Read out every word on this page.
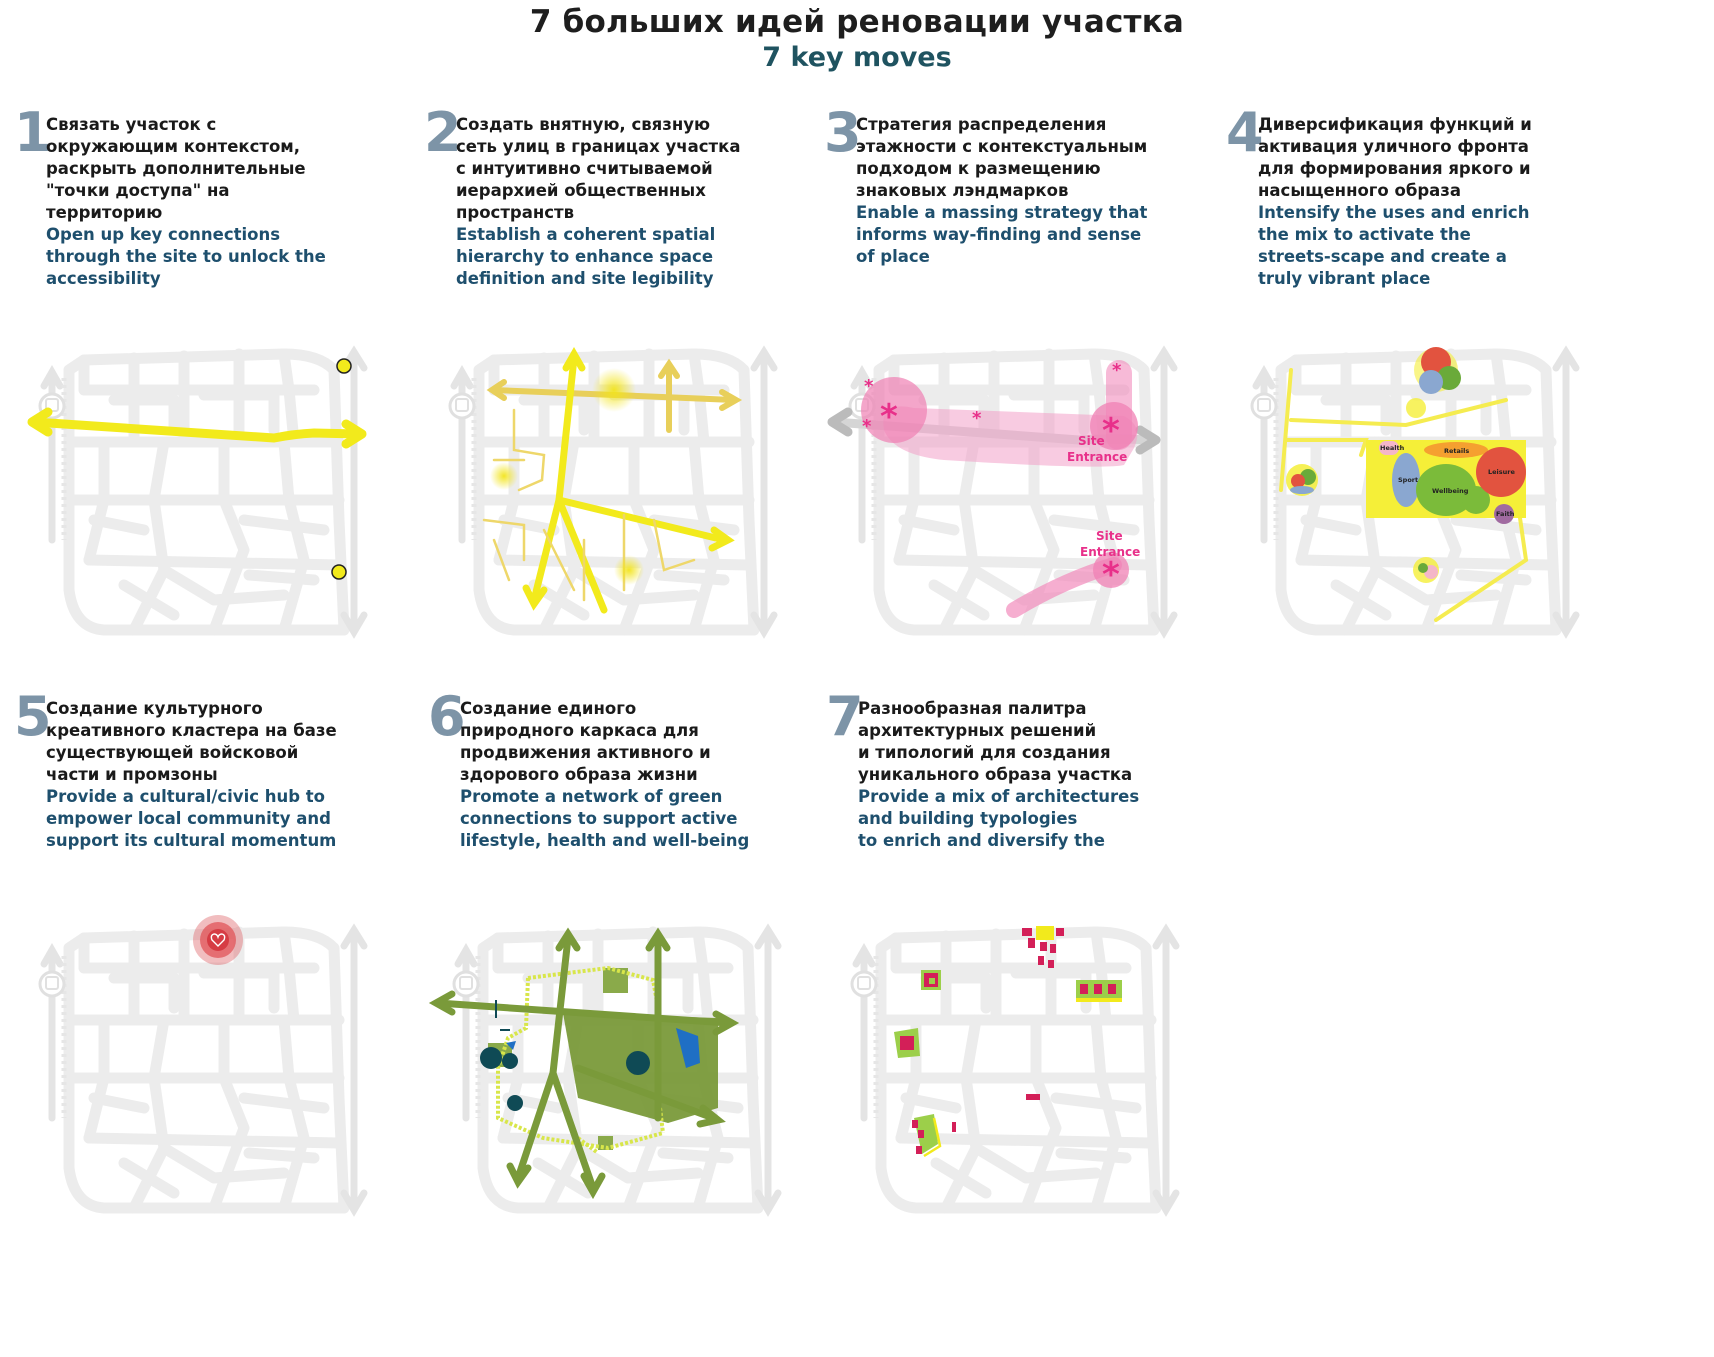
7 больших идей реновации участка
7 key moves
1
Связать участок с
окружающим контекстом,
раскрыть дополнительные
"точки доступа" на
территорию
Open up key connections
through the site to unlock the
accessibility
2
Создать внятную, связную
сеть улиц в границах участка
с интуитивно считываемой
иерархией общественных
пространств
Establish a coherent spatial
hierarchy to enhance space
definition and site legibility
3
Стратегия распределения
этажности с контекстуальным
подходом к размещению
знаковых лэндмарков
Enable a massing strategy that
informs way-finding and sense
of place
*	*
*
*
*	*
*
Site
Entrance
Site
Entrance
4
Диверсификация функций и
активация уличного фронта
для формирования яркого и
насыщенного образа
Intensify the uses and enrich
the mix to activate the
streets-scape and create a
truly vibrant place
Health	Retails
Sport
Wellbeing
Leisure
Faith
5
Создание культурного
креативного кластера на базе
существующей войсковой
части и промзоны
Provide a cultural/civic hub to
empower local community and
support its cultural momentum
6
Создание единого
природного каркаса для
продвижения активного и
здорового образа жизни
Promote a network of green
connections to support active
lifestyle, health and well-being
7
Разнообразная палитра
архитектурных решений
и типологий для создания
уникального образа участка
Provide a mix of architectures
and building typologies
to enrich and diversify the
